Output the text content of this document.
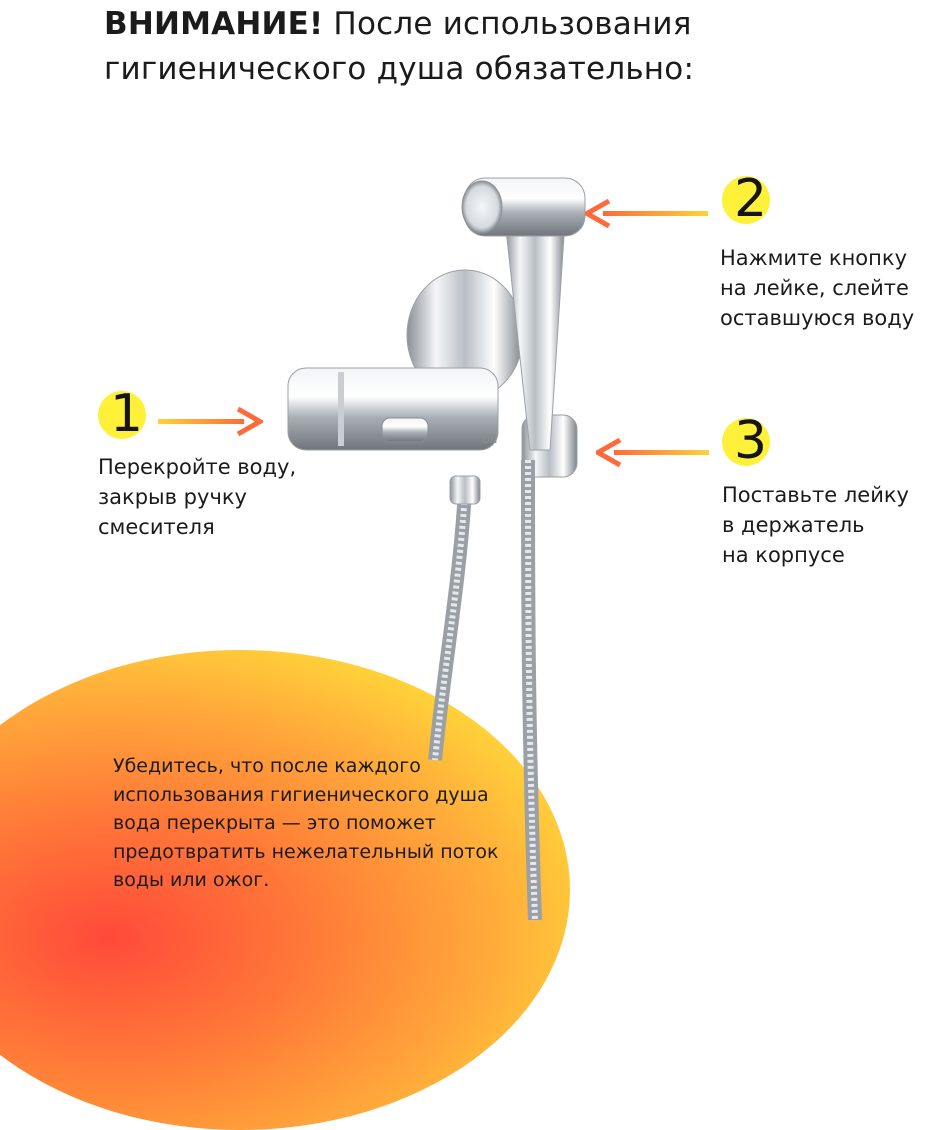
ВНИМАНИЕ! После использования
гигиенического душа обязательно:
ON
1
Перекройте воду,
закрыв ручку
смесителя
2
Нажмите кнопку
на лейке, слейте
оставшуюся воду
3
Поставьте лейку
в держатель
на корпусе
Убедитесь, что после каждого
использования гигиенического душа
вода перекрыта — это поможет
предотвратить нежелательный поток
воды или ожог.
